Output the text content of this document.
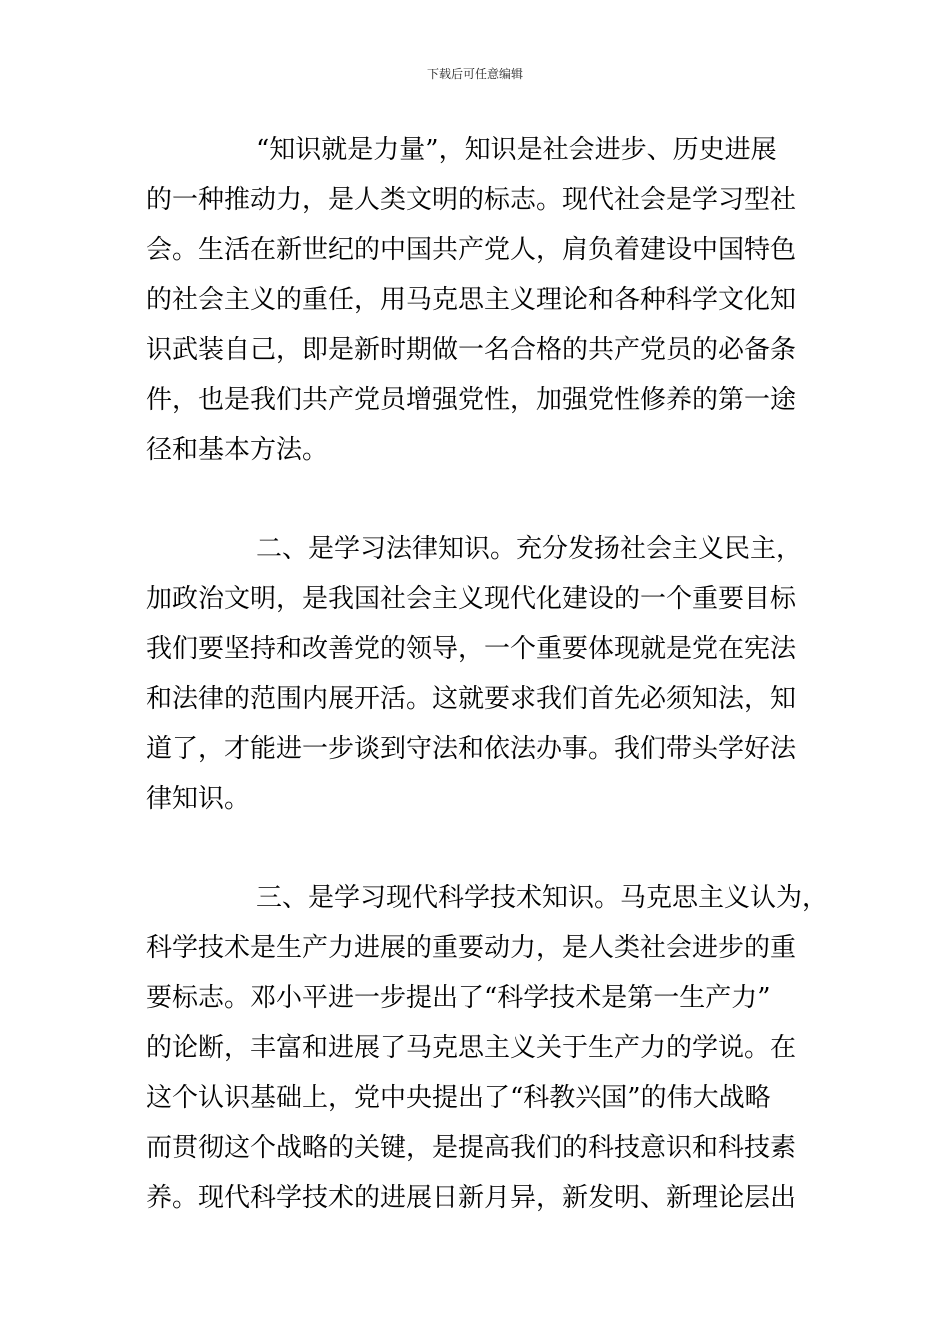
下载后可任意编辑
“知识就是力量”，知识是社会进步、历史进展
的一种推动力，是人类文明的标志。现代社会是学习型社
会。生活在新世纪的中国共产党人，肩负着建设中国特色
的社会主义的重任，用马克思主义理论和各种科学文化知
识武装自己，即是新时期做一名合格的共产党员的必备条
件，也是我们共产党员增强党性，加强党性修养的第一途
径和基本方法。
二、是学习法律知识。充分发扬社会主义民主，
加政治文明，是我国社会主义现代化建设的一个重要目标
我们要坚持和改善党的领导，一个重要体现就是党在宪法
和法律的范围内展开活。这就要求我们首先必须知法，知
道了，才能进一步谈到守法和依法办事。我们带头学好法
律知识。
三、是学习现代科学技术知识。马克思主义认为，
科学技术是生产力进展的重要动力，是人类社会进步的重
要标志。邓小平进一步提出了“科学技术是第一生产力”
的论断，丰富和进展了马克思主义关于生产力的学说。在
这个认识基础上，党中央提出了“科教兴国”的伟大战略
而贯彻这个战略的关键，是提高我们的科技意识和科技素
养。现代科学技术的进展日新月异，新发明、新理论层出
